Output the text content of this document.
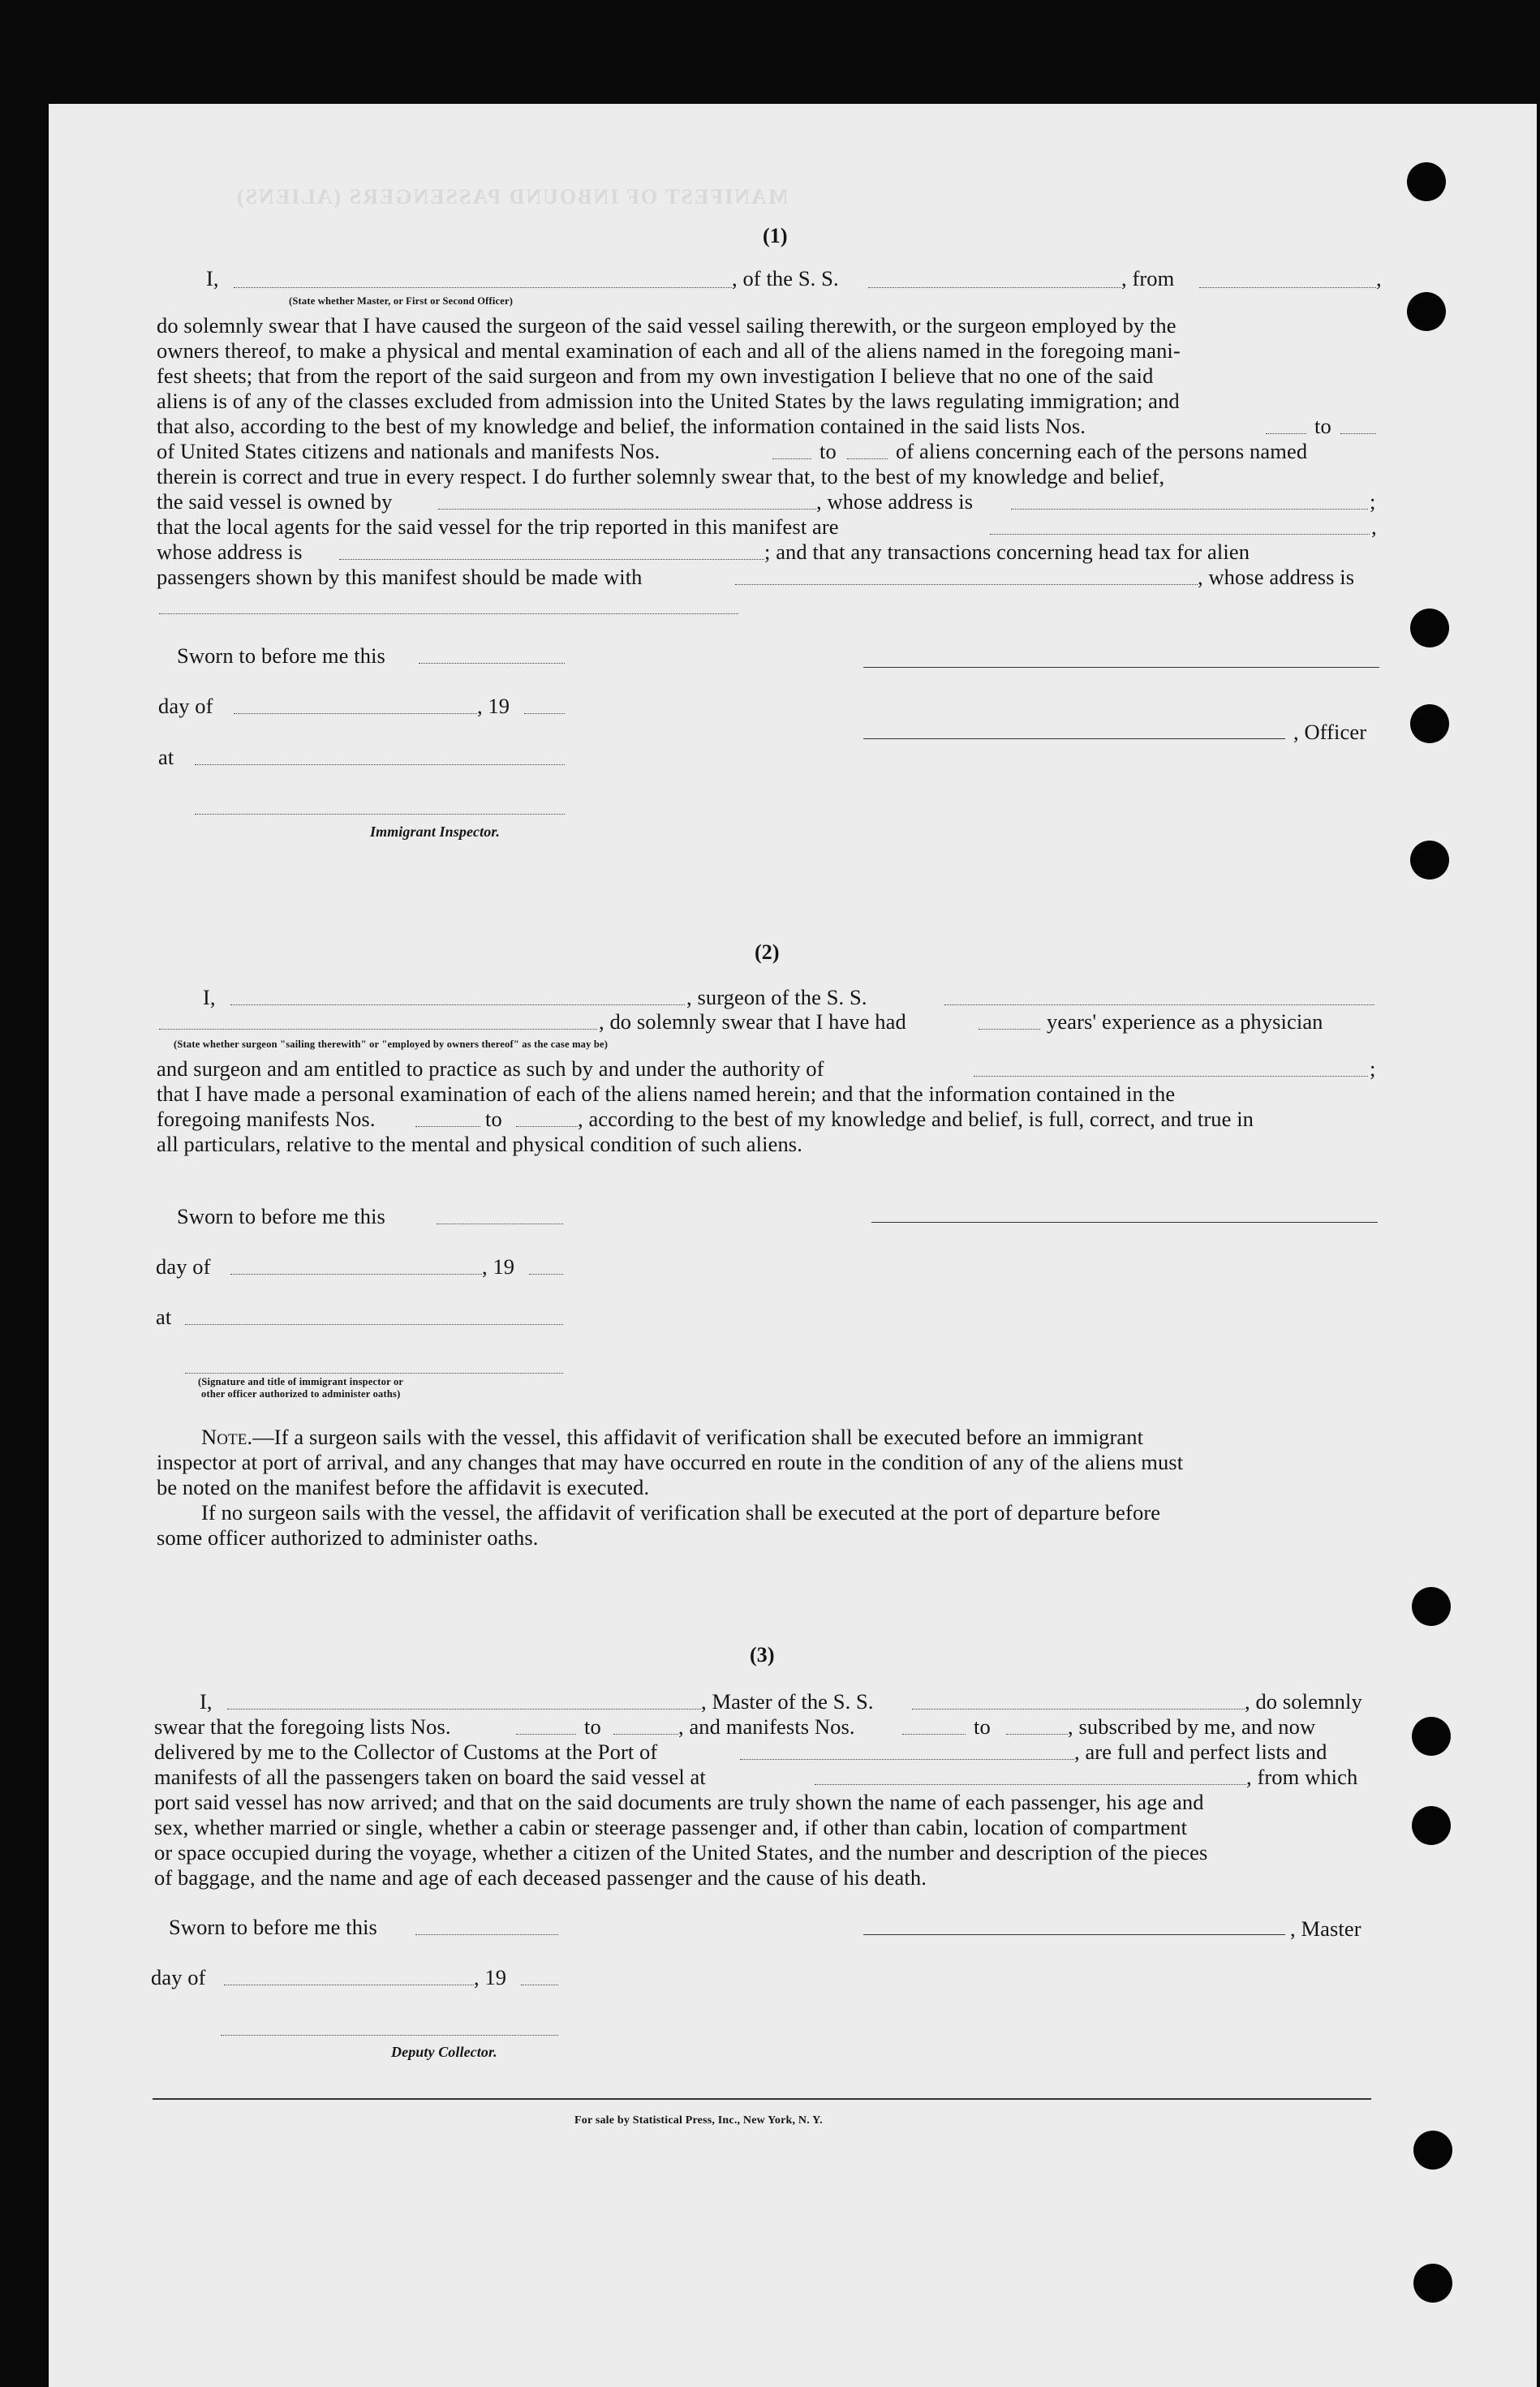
MANIFEST OF INBOUND PASSENGERS (ALIENS)
(1)
I,
(State whether Master, or First or Second Officer)
, of the S. S.	, from	,
do solemnly swear that I have caused the surgeon of the said vessel sailing therewith, or the surgeon employed by the
owners thereof, to make a physical and mental examination of each and all of the aliens named in the foregoing mani-
fest sheets; that from the report of the said surgeon and from my own investigation I believe that no one of the said
aliens is of any of the classes excluded from admission into the United States by the laws regulating immigration; and
that also, according to the best of my knowledge and belief, the information contained in the said lists Nos.	to
of United States citizens and nationals and manifests Nos.	to	of aliens concerning each of the persons named
therein is correct and true in every respect. I do further solemnly swear that, to the best of my knowledge and belief,
the said vessel is owned by	, whose address is	;
that the local agents for the said vessel for the trip reported in this manifest are	,
whose address is	; and that any transactions concerning head tax for alien
passengers shown by this manifest should be made with	, whose address is
Sworn to before me this
day of	, 19
, Officer
at
Immigrant Inspector.
(2)
I,	, surgeon of the S. S.
, do solemnly swear that I have had	years' experience as a physician
(State whether surgeon "sailing therewith" or "employed by owners thereof" as the case may be)
and surgeon and am entitled to practice as such by and under the authority of	;
that I have made a personal examination of each of the aliens named herein; and that the information contained in the
foregoing manifests Nos.	to	, according to the best of my knowledge and belief, is full, correct, and true in
all particulars, relative to the mental and physical condition of such aliens.
Sworn to before me this
day of	, 19
at
(Signature and title of immigrant inspector or
other officer authorized to administer oaths)
Note.—If a surgeon sails with the vessel, this affidavit of verification shall be executed before an immigrant
inspector at port of arrival, and any changes that may have occurred en route in the condition of any of the aliens must
be noted on the manifest before the affidavit is executed.
If no surgeon sails with the vessel, the affidavit of verification shall be executed at the port of departure before
some officer authorized to administer oaths.
(3)
I,	, Master of the S. S.	, do solemnly
swear that the foregoing lists Nos.	to	, and manifests Nos.	to	, subscribed by me, and now
delivered by me to the Collector of Customs at the Port of	, are full and perfect lists and
manifests of all the passengers taken on board the said vessel at	, from which
port said vessel has now arrived; and that on the said documents are truly shown the name of each passenger, his age and
sex, whether married or single, whether a cabin or steerage passenger and, if other than cabin, location of compartment
or space occupied during the voyage, whether a citizen of the United States, and the number and description of the pieces
of baggage, and the name and age of each deceased passenger and the cause of his death.
Sworn to before me this	, Master
day of	, 19
Deputy Collector.
For sale by Statistical Press, Inc., New York, N. Y.
